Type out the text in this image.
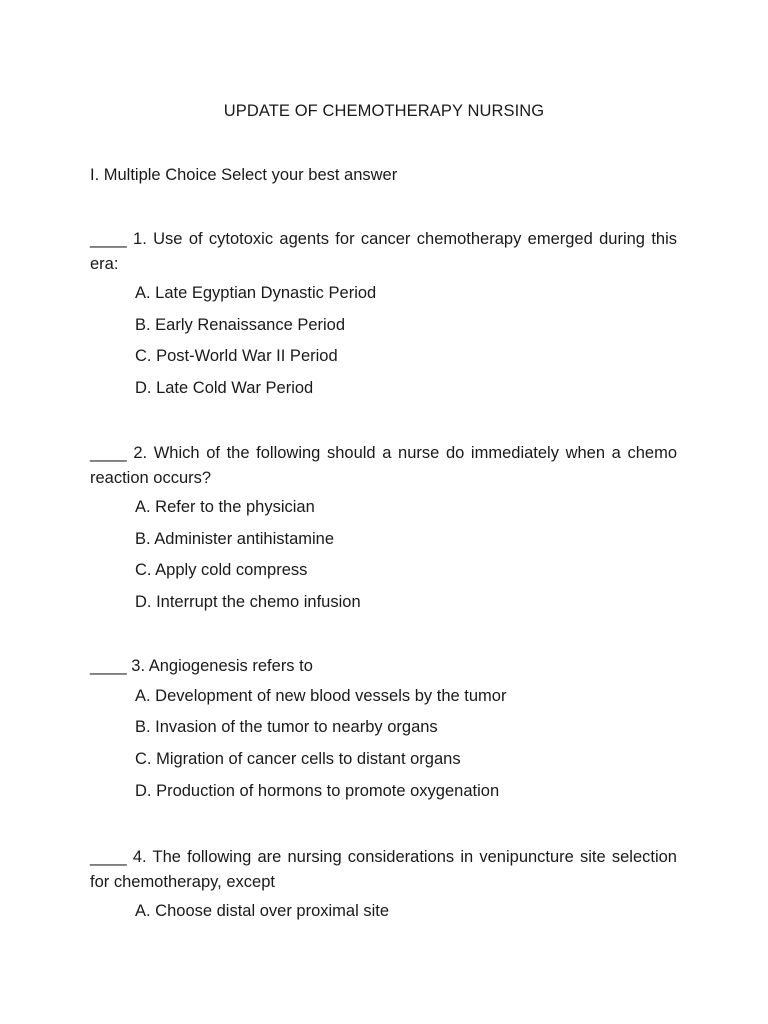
UPDATE OF CHEMOTHERAPY NURSING
I. Multiple Choice Select your best answer
____ 1. Use of cytotoxic agents for cancer chemotherapy emerged during this era:
A. Late Egyptian Dynastic Period
B. Early Renaissance Period
C. Post-World War II Period
D. Late Cold War Period
____ 2. Which of the following should a nurse do immediately when a chemo reaction occurs?
A. Refer to the physician
B. Administer antihistamine
C. Apply cold compress
D. Interrupt the chemo infusion
____ 3. Angiogenesis refers to
A. Development of new blood vessels by the tumor
B. Invasion of the tumor to nearby organs
C. Migration of cancer cells to distant organs
D. Production of hormons to promote oxygenation
____ 4. The following are nursing considerations in venipuncture site selection for chemotherapy, except
A. Choose distal over proximal site
